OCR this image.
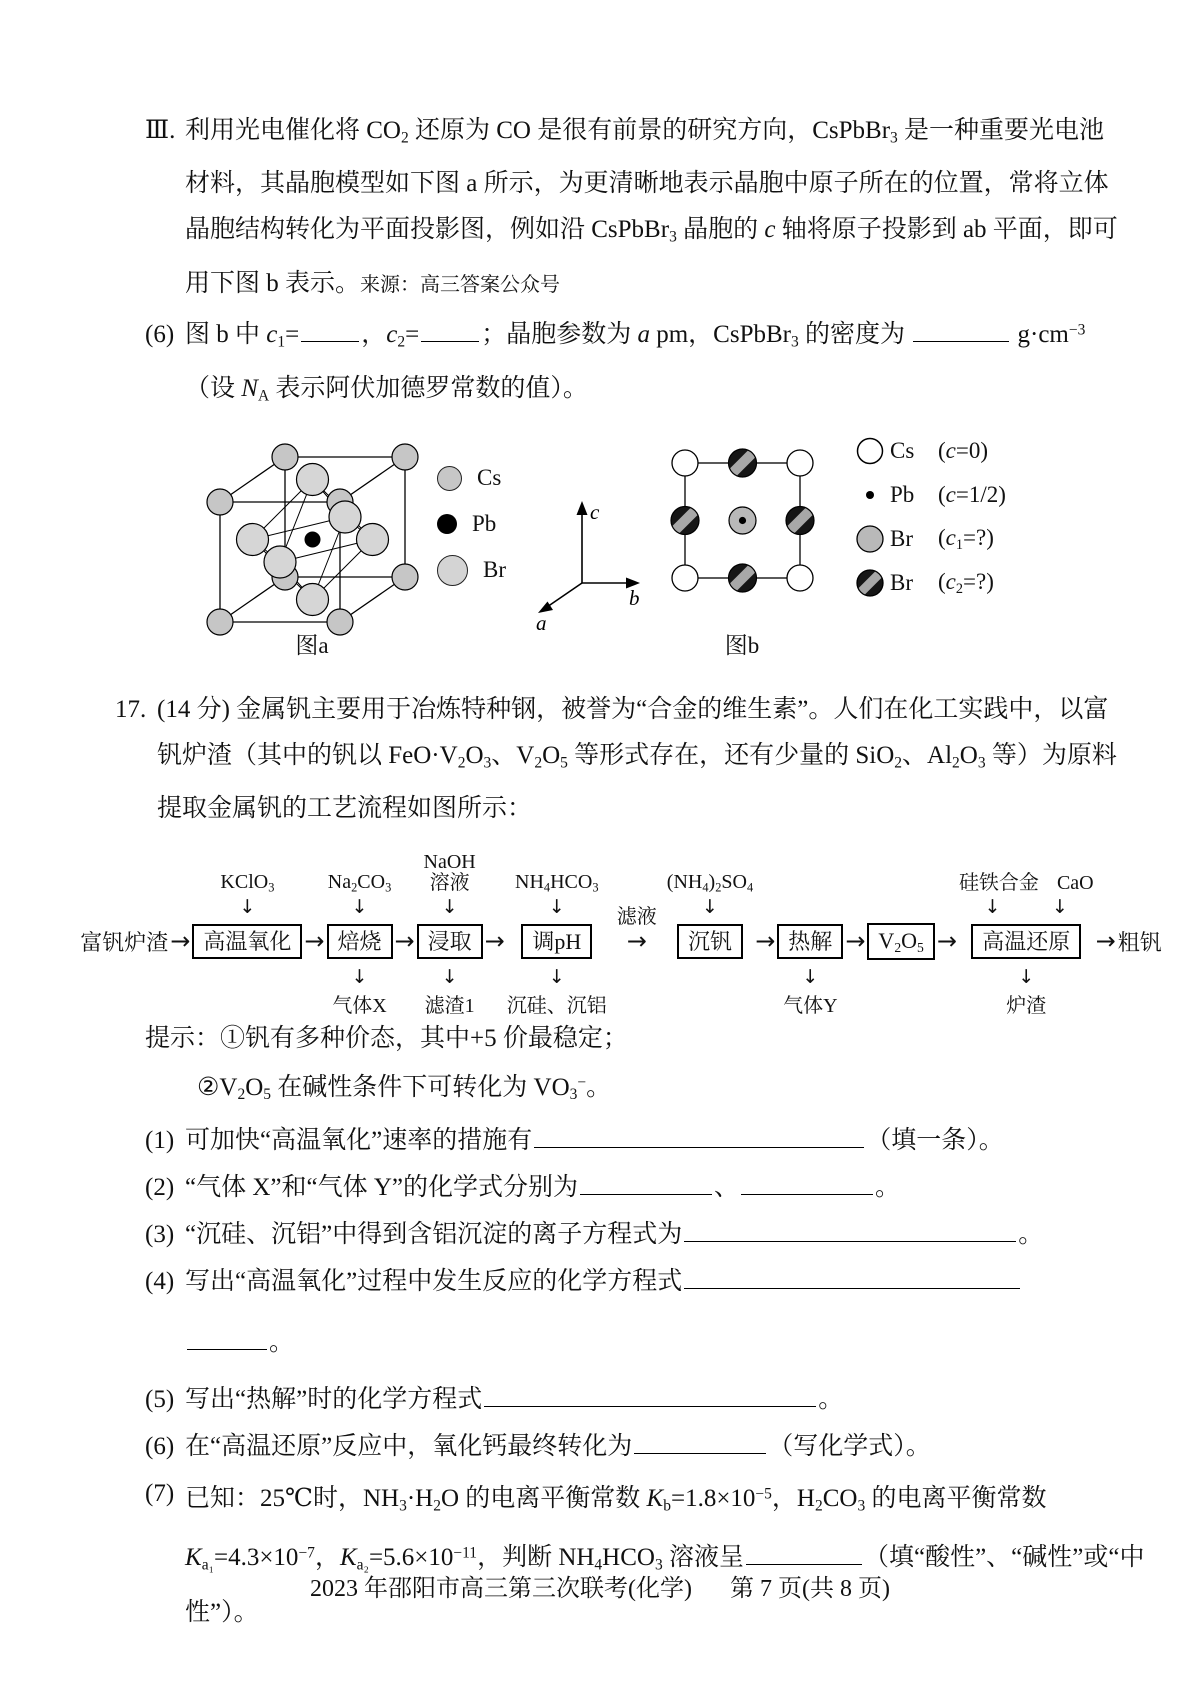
Ⅲ. 利用光电催化将 $CO_2$ 还原为 CO 是很有前景的研究方向，CsPbBr$_3$ 是一种重要光电池材料，其晶胞模型如下图 a 所示，为更清晰地表示晶胞中原子所在的位置，常将立体晶胞结构转化为平面投影图，例如沿 CsPbBr$_3$ 晶胞的 c 轴将原子投影到 ab 平面，即可用下图 b 表示。来源：高三答案公众号
(6) 图 b 中 $c_1=$ ，$c_2=$ ；晶胞参数为 a pm，CsPbBr$_3$ 的密度为	$g\cdot cm^{-3}$（设 $N_A$ 表示阿伏加德罗常数的值）。
Cs
Pb
Br
c
b
a
Cs	(c=0)
Pb	(c=1/2)
Br	$(c_1=?)$
Br	$(c_2=?)$
图a	图b
17. (14 分) 金属钒主要用于冶炼特种钢，被誉为“合金的维生素”。人们在化工实践中，以富钒炉渣（其中的钒以 $FeO\cdot V_2O_3$、$V_2O_5$ 等形式存在，还有少量的 SiO$_2$、$Al_2O_3$ 等）为原料提取金属钒的工艺流程如图所示：
富钒炉渣 →
KClO$_3$
↓
高温氧化 →
$Na_2CO_3$
↓
焙烧
↓
气体X
→
NaOH
溶液
↓
浸取
↓
滤渣1
→
$NH_4HCO_3$
↓
调pH
↓
沉硅、沉铝
滤液
→
$(NH_4)_2SO_4$
↓
沉钒 → 热解
↓
气体Y
→ $V_2O_5$ →
硅铁合金 CaO
↓	↓
高温还原
↓
炉渣
→ 粗钒
提示：①钒有多种价态，其中+5 价最稳定；
$②V_2O_5$ 在碱性条件下可转化为 $VO_3^-$。
(1) 可加快“高温氧化”速率的措施有	（填一条）。
(2) “气体 X”和“气体 Y”的化学式分别为	、	。
(3) “沉硅、沉铝”中得到含铝沉淀的离子方程式为	。
(4) 写出“高温氧化”过程中发生反应的化学方程式
。
(5) 写出“热解”时的化学方程式	。
(6) 在“高温还原”反应中，氧化钙最终转化为	（写化学式）。
(7) 已知：25℃时，$NH_3\cdot H_2O$ 的电离平衡常数 $K_b=1.8\times 10^{-5}$，$H_2CO_3$ 的电离平衡常数 $K_{a_1}=4.3\times 10^{-7}$，$K_{a_2}=5.6\times 10^{-11}$，判断 $NH_4HCO_3$ 溶液呈	（填“酸性”、“碱性”或“中性”）。
2023 年邵阳市高三第三次联考(化学) 第 7 页(共 8 页)
